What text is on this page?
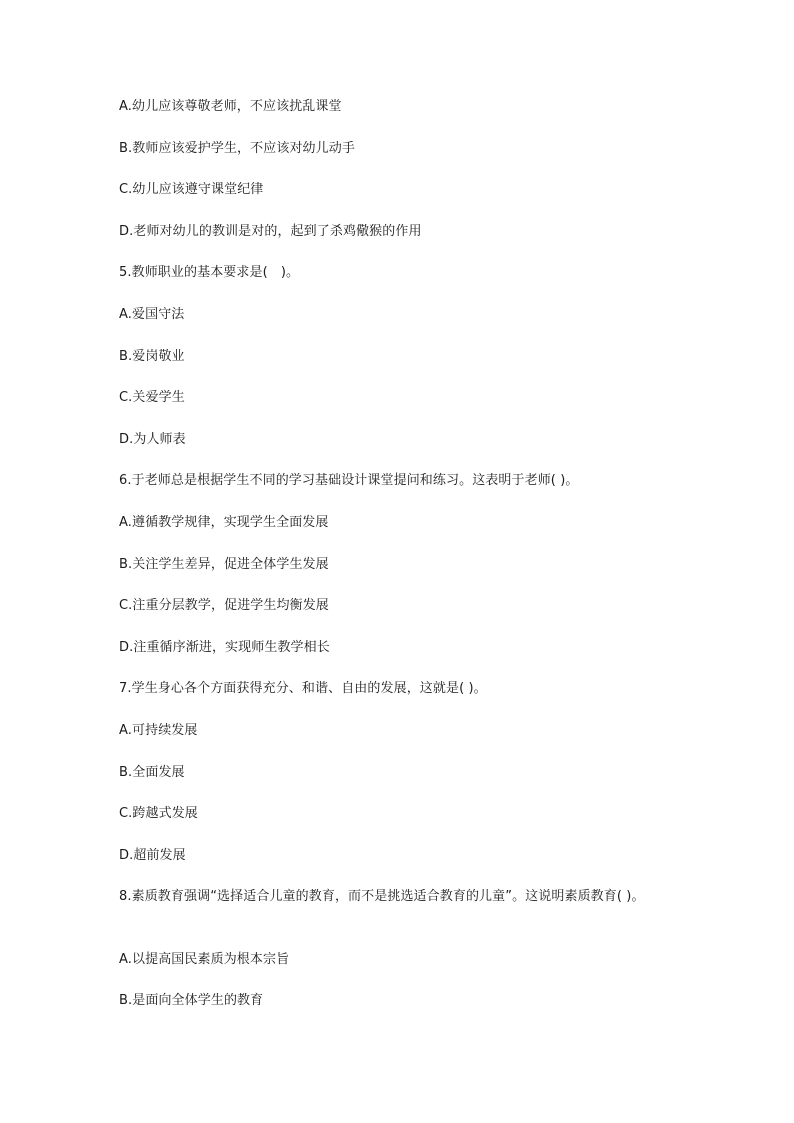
A.幼儿应该尊敬老师，不应该扰乱课堂
B.教师应该爱护学生，不应该对幼儿动手
C.幼儿应该遵守课堂纪律
D.老师对幼儿的教训是对的，起到了杀鸡儆猴的作用
5.教师职业的基本要求是(　)。
A.爱国守法
B.爱岗敬业
C.关爱学生
D.为人师表
6.于老师总是根据学生不同的学习基础设计课堂提问和练习。这表明于老师( )。
A.遵循教学规律，实现学生全面发展
B.关注学生差异，促进全体学生发展
C.注重分层教学，促进学生均衡发展
D.注重循序渐进，实现师生教学相长
7.学生身心各个方面获得充分、和谐、自由的发展，这就是( )。
A.可持续发展
B.全面发展
C.跨越式发展
D.超前发展
8.素质教育强调“选择适合儿童的教育，而不是挑选适合教育的儿童”。这说明素质教育( )。
A.以提高国民素质为根本宗旨
B.是面向全体学生的教育
